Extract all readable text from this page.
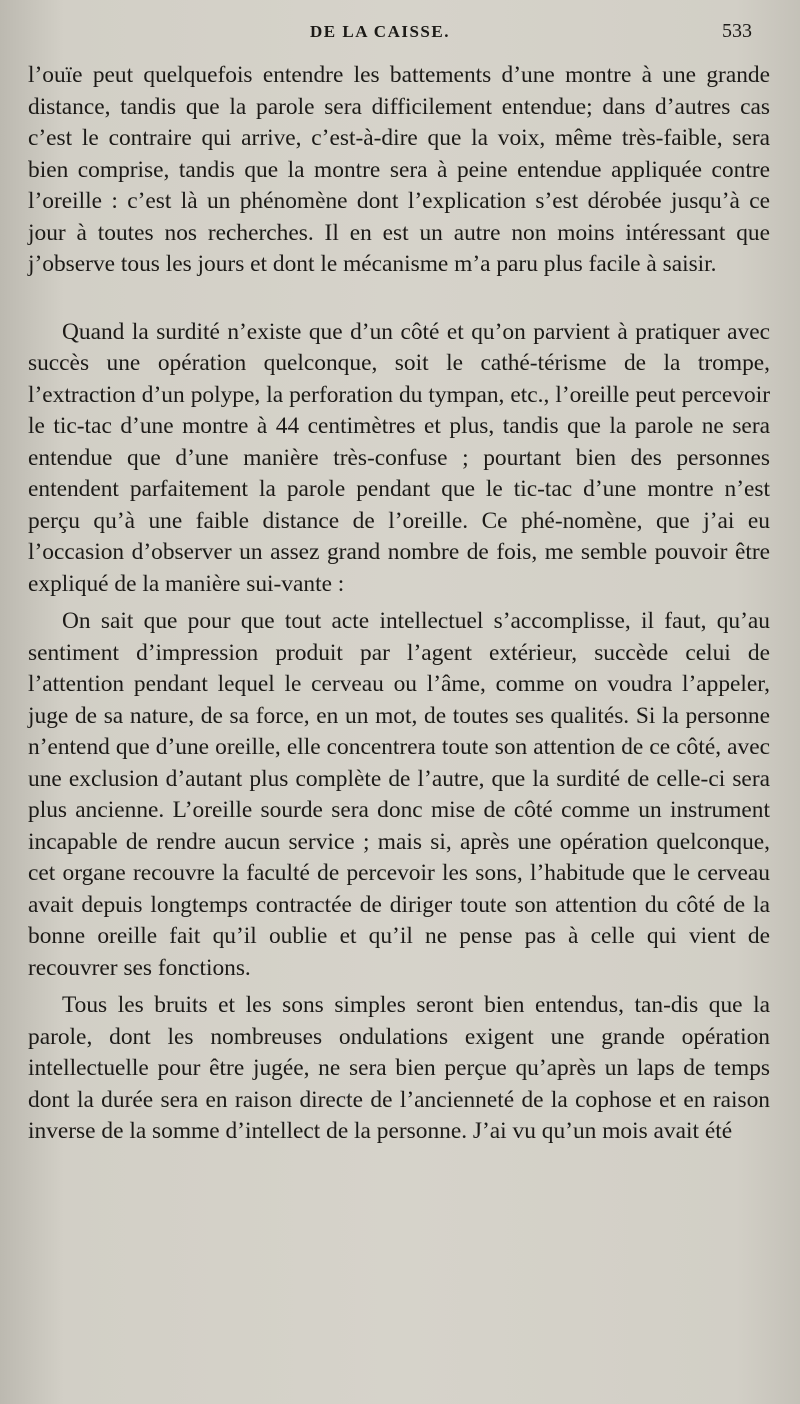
DE LA CAISSE.	533

l’ouïe peut quelquefois entendre les battements d’une montre à une grande distance, tandis que la parole sera difficilement entendue; dans d’autres cas c’est le contraire qui arrive, c’est-à-dire que la voix, même très-faible, sera bien comprise, tandis que la montre sera à peine entendue appliquée contre l’oreille : c’est là un phénomène dont l’explication s’est dérobée jusqu’à ce jour à toutes nos recherches. Il en est un autre non moins intéressant que j’observe tous les jours et dont le mécanisme m’a paru plus facile à saisir.

Quand la surdité n’existe que d’un côté et qu’on parvient à pratiquer avec succès une opération quelconque, soit le cathé-térisme de la trompe, l’extraction d’un polype, la perforation du tympan, etc., l’oreille peut percevoir le tic-tac d’une montre à 44 centimètres et plus, tandis que la parole ne sera entendue que d’une manière très-confuse ; pourtant bien des personnes entendent parfaitement la parole pendant que le tic-tac d’une montre n’est perçu qu’à une faible distance de l’oreille. Ce phé-nomène, que j’ai eu l’occasion d’observer un assez grand nombre de fois, me semble pouvoir être expliqué de la manière sui-vante :

On sait que pour que tout acte intellectuel s’accomplisse, il faut, qu’au sentiment d’impression produit par l’agent extérieur, succède celui de l’attention pendant lequel le cerveau ou l’âme, comme on voudra l’appeler, juge de sa nature, de sa force, en un mot, de toutes ses qualités. Si la personne n’entend que d’une oreille, elle concentrera toute son attention de ce côté, avec une exclusion d’autant plus complète de l’autre, que la surdité de celle-ci sera plus ancienne. L’oreille sourde sera donc mise de côté comme un instrument incapable de rendre aucun service ; mais si, après une opération quelconque, cet organe recouvre la faculté de percevoir les sons, l’habitude que le cerveau avait depuis longtemps contractée de diriger toute son attention du côté de la bonne oreille fait qu’il oublie et qu’il ne pense pas à celle qui vient de recouvrer ses fonctions.

Tous les bruits et les sons simples seront bien entendus, tan-dis que la parole, dont les nombreuses ondulations exigent une grande opération intellectuelle pour être jugée, ne sera bien perçue qu’après un laps de temps dont la durée sera en raison directe de l’ancienneté de la cophose et en raison inverse de la somme d’intellect de la personne. J’ai vu qu’un mois avait été
